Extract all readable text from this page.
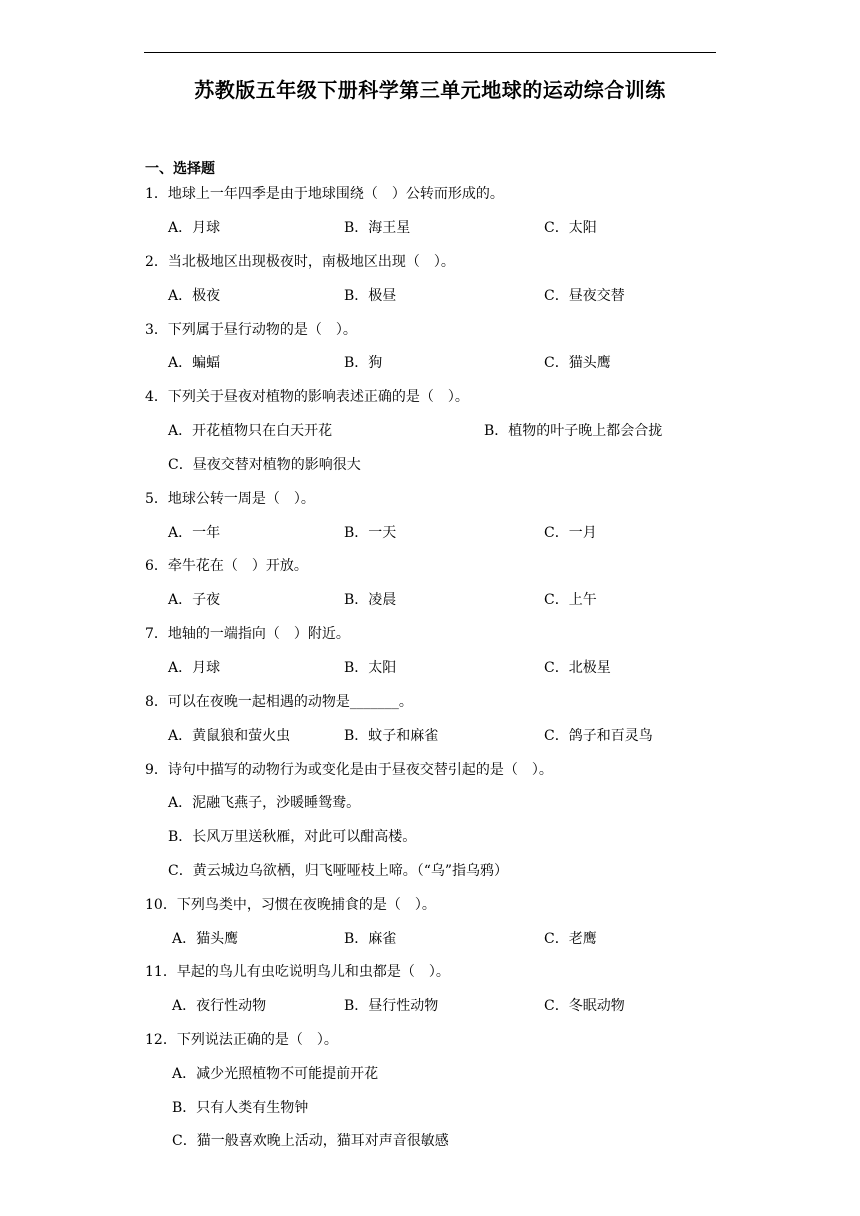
苏教版五年级下册科学第三单元地球的运动综合训练
一、选择题
1．地球上一年四季是由于地球围绕（　）公转而形成的。
A．月球	B．海王星	C．太阳
2．当北极地区出现极夜时，南极地区出现（　）。
A．极夜	B．极昼	C．昼夜交替
3．下列属于昼行动物的是（　）。
A．蝙蝠	B．狗	C．猫头鹰
4．下列关于昼夜对植物的影响表述正确的是（　）。
A．开花植物只在白天开花	B．植物的叶子晚上都会合拢
C．昼夜交替对植物的影响很大
5．地球公转一周是（　）。
A．一年	B．一天	C．一月
6．牵牛花在（　）开放。
A．子夜	B．凌晨	C．上午
7．地轴的一端指向（　）附近。
A．月球	B．太阳	C．北极星
8．可以在夜晚一起相遇的动物是_______。
A．黄鼠狼和萤火虫	B．蚊子和麻雀	C．鸽子和百灵鸟
9．诗句中描写的动物行为或变化是由于昼夜交替引起的是（　）。
A．泥融飞燕子，沙暖睡鸳鸯。
B．长风万里送秋雁，对此可以酣高楼。
C．黄云城边乌欲栖，归飞哑哑枝上啼。（“乌”指乌鸦）
10．下列鸟类中，习惯在夜晚捕食的是（　）。
A．猫头鹰	B．麻雀	C．老鹰
11．早起的鸟儿有虫吃说明鸟儿和虫都是（　）。
A．夜行性动物	B．昼行性动物	C．冬眠动物
12．下列说法正确的是（　）。
A．减少光照植物不可能提前开花
B．只有人类有生物钟
C．猫一般喜欢晚上活动，猫耳对声音很敏感
